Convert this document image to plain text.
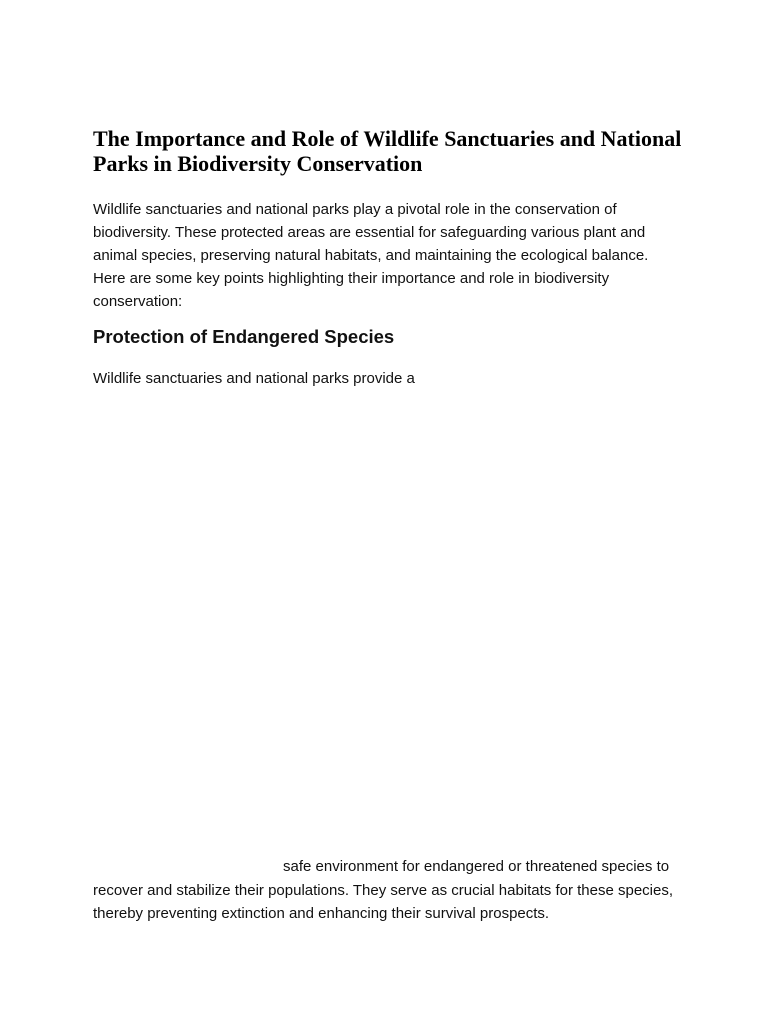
The Importance and Role of Wildlife Sanctuaries and National Parks in Biodiversity Conservation

Wildlife sanctuaries and national parks play a pivotal role in the conservation of biodiversity. These protected areas are essential for safeguarding various plant and animal species, preserving natural habitats, and maintaining the ecological balance. Here are some key points highlighting their importance and role in biodiversity conservation:

Protection of Endangered Species

Wildlife sanctuaries and national parks provide a

safe environment for endangered or threatened species to recover and stabilize their populations. They serve as crucial habitats for these species, thereby preventing extinction and enhancing their survival prospects.
